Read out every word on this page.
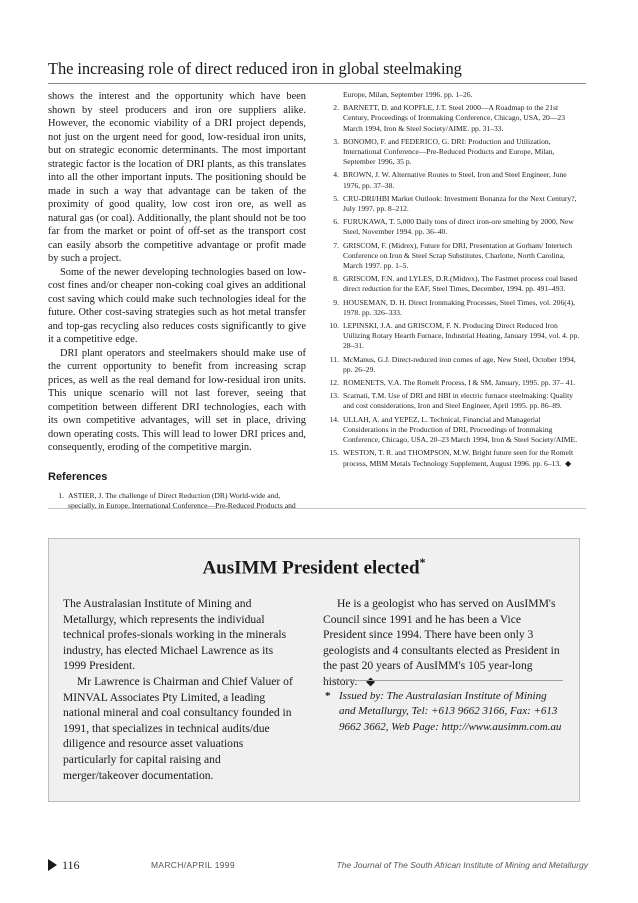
The increasing role of direct reduced iron in global steelmaking

shows the interest and the opportunity which have been shown by steel producers and iron ore suppliers alike. However, the economic viability of a DRI project depends, not just on the urgent need for good, low-residual iron units, but on strategic economic determinants. The most important strategic factor is the location of DRI plants, as this translates into all the other important inputs. The positioning should be made in such a way that advantage can be taken of the proximity of good quality, low cost iron ore, as well as natural gas (or coal). Additionally, the plant should not be too far from the market or point of off-set as the transport cost can easily absorb the competitive advantage or profit made by such a project.

Some of the newer developing technologies based on low-cost fines and/or cheaper non-coking coal gives an additional cost saving which could make such technologies ideal for the future. Other cost-saving strategies such as hot metal transfer and top-gas recycling also reduces costs significantly to give it a competitive edge.

DRI plant operators and steelmakers should make use of the current opportunity to benefit from increasing scrap prices, as well as the real demand for low-residual iron units. This unique scenario will not last forever, seeing that competition between different DRI technologies, each with its own competitive advantages, will set in place, driving down operating costs. This will lead to lower DRI prices and, consequently, eroding of the competitive margin.

References
1. ASTIER, J. The challenge of Direct Reduction (DR) World-wide and, specially, in Europe, International Conference—Pre-Reduced Products and
Europe, Milan, September 1996. pp. 1–26.
2. BARNETT, D. and KOPFLE, J.T. Steel 2000—A Roadmap to the 21st Century, Proceedings of Ironmaking Conference, Chicago, USA, 20—23 March 1994, Iron & Steel Society/AIME. pp. 31–33.
3. BONOMO, F. and FEDERICO, G. DRI: Production and Utilization, International Conference—Pre-Reduced Products and Europe, Milan, September 1996, 35 p.
4. BROWN, J. W. Alternative Routes to Steel, Iron and Steel Engineer, June 1976, pp. 37–38.
5. CRU-DRI/HBI Market Outlook: Investment Bonanza for the Next Century?, July 1997. pp. 8–212.
6. FURUKAWA, T. 5,000 Daily tons of direct iron-ore smelting by 2000, New Steel, November 1994. pp. 36–40.
7. GRISCOM, F. (Midrex), Future for DRI, Presentation at Gorham/ Intertech Conference on Iron & Steel Scrap Substitutes, Charlotte, North Carolina, March 1997. pp. 1–5.
8. GRISCOM, F.N. and LYLES, D.R.(Midrex), The Fastmet process coal based direct reduction for the EAF, Steel Times, December, 1994. pp. 491–493.
9. HOUSEMAN, D. H. Direct Ironmaking Processes, Steel Times, vol. 206(4), 1978. pp. 326–333.
10. LEPINSKI, J.A. and GRISCOM, F. N. Producing Direct Reduced Iron Utilizing Rotary Hearth Furnace, Industrial Heating, January 1994, vol. 4. pp. 28–31.
11. McManus, G.J. Direct-reduced iron comes of age, New Steel, October 1994, pp. 26–29.
12. ROMENETS, V.A. The Romelt Process, I & SM, January, 1995. pp. 37– 41.
13. Scarnati, T.M. Use of DRI and HBI in electric furnace steelmaking: Quality and cost considerations, Iron and Steel Engineer, April 1995. pp. 86–89.
14. ULLAH, A. and YEPEZ, L. Technical, Financial and Managerial Considerations in the Production of DRI, Proceedings of Ironmaking Conference, Chicago, USA, 20–23 March 1994, Iron & Steel Society/AIME.
15. WESTON, T. R. and THOMPSON, M.W. Bright future seen for the Romelt process, MBM Metals Technology Supplement, August 1996. pp. 6–13. ◆
AusIMM President elected*

The Australasian Institute of Mining and Metallurgy, which represents the individual technical profes-sionals working in the minerals industry, has elected Michael Lawrence as its 1999 President.

Mr Lawrence is Chairman and Chief Valuer of MINVAL Associates Pty Limited, a leading national mineral and coal consultancy founded in 1991, that specializes in technical audits/due diligence and resource asset valuations particularly for capital raising and merger/takeover documentation.

He is a geologist who has served on AusIMM's Council since 1991 and he has been a Vice President since 1994. There have been only 3 geologists and 4 consultants elected as President in the past 20 years of AusIMM's 105 year-long history. ◆

* Issued by: The Australasian Institute of Mining and Metallurgy, Tel: +613 9662 3166, Fax: +613 9662 3662, Web Page: http://www.ausimm.com.au
116	MARCH/APRIL 1999	The Journal of The South African Institute of Mining and Metallurgy
